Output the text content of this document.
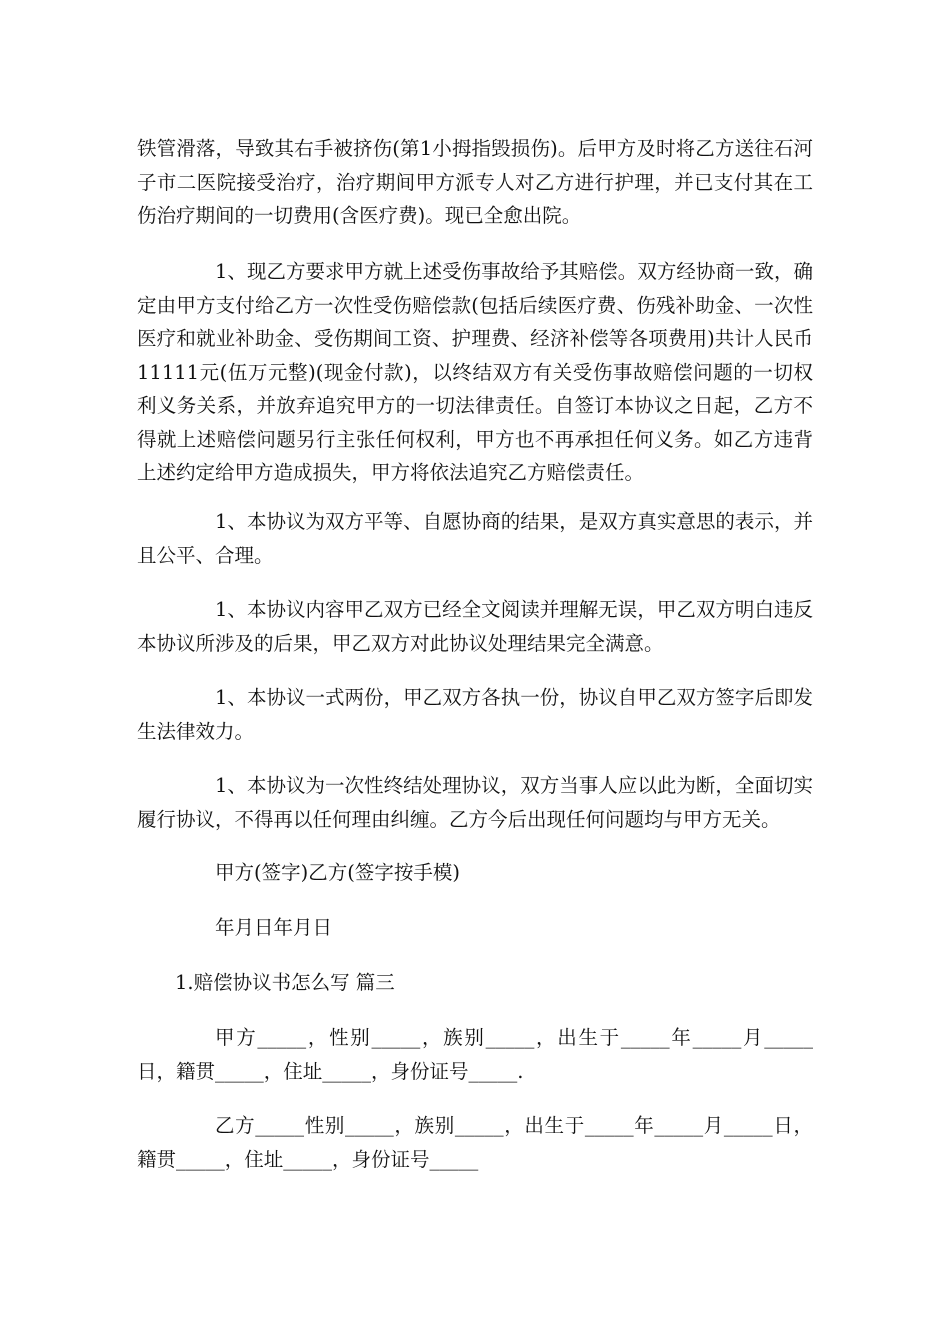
铁管滑落，导致其右手被挤伤(第1小拇指毁损伤)。后甲方及时将乙方送往石河子市二医院接受治疗，治疗期间甲方派专人对乙方进行护理，并已支付其在工伤治疗期间的一切费用(含医疗费)。现已全愈出院。

1、现乙方要求甲方就上述受伤事故给予其赔偿。双方经协商一致，确定由甲方支付给乙方一次性受伤赔偿款(包括后续医疗费、伤残补助金、一次性医疗和就业补助金、受伤期间工资、护理费、经济补偿等各项费用)共计人民币11111元(伍万元整)(现金付款)，以终结双方有关受伤事故赔偿问题的一切权利义务关系，并放弃追究甲方的一切法律责任。自签订本协议之日起，乙方不得就上述赔偿问题另行主张任何权利，甲方也不再承担任何义务。如乙方违背上述约定给甲方造成损失，甲方将依法追究乙方赔偿责任。

1、本协议为双方平等、自愿协商的结果，是双方真实意思的表示，并且公平、合理。

1、本协议内容甲乙双方已经全文阅读并理解无误，甲乙双方明白违反本协议所涉及的后果，甲乙双方对此协议处理结果完全满意。

1、本协议一式两份，甲乙双方各执一份，协议自甲乙双方签字后即发生法律效力。

1、本协议为一次性终结处理协议，双方当事人应以此为断，全面切实履行协议，不得再以任何理由纠缠。乙方今后出现任何问题均与甲方无关。

甲方(签字)乙方(签字按手模)

年月日年月日

1.赔偿协议书怎么写 篇三

甲方_____，性别_____，族别_____，出生于_____年_____月_____日，籍贯_____，住址_____，身份证号_____.

乙方_____性别_____，族别_____，出生于_____年_____月_____日，籍贯_____，住址_____，身份证号_____
